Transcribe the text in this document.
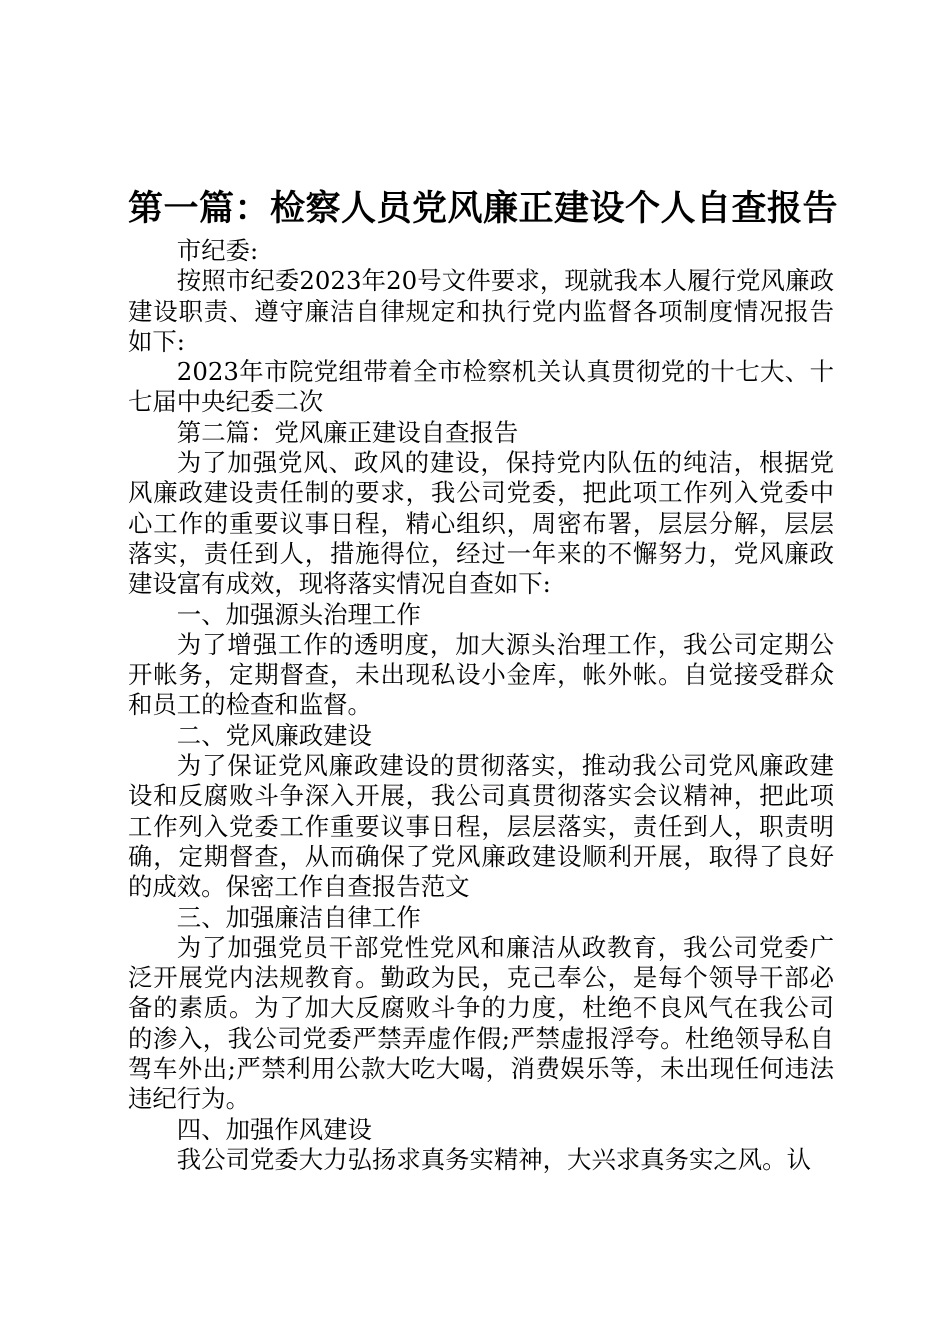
第一篇：检察人员党风廉正建设个人自查报告

市纪委:

按照市纪委2023年20号文件要求，现就我本人履行党风廉政建设职责、遵守廉洁自律规定和执行党内监督各项制度情况报告如下:

2023年市院党组带着全市检察机关认真贯彻党的十七大、十七届中央纪委二次

第二篇：党风廉正建设自查报告

为了加强党风、政风的建设，保持党内队伍的纯洁，根据党风廉政建设责任制的要求，我公司党委，把此项工作列入党委中心工作的重要议事日程，精心组织，周密布署，层层分解，层层落实，责任到人，措施得位，经过一年来的不懈努力，党风廉政建设富有成效，现将落实情况自查如下:

一、加强源头治理工作

为了增强工作的透明度，加大源头治理工作，我公司定期公开帐务，定期督查，未出现私设小金库，帐外帐。自觉接受群众和员工的检查和监督。

二、党风廉政建设

为了保证党风廉政建设的贯彻落实，推动我公司党风廉政建设和反腐败斗争深入开展，我公司真贯彻落实会议精神，把此项工作列入党委工作重要议事日程，层层落实，责任到人，职责明确，定期督查，从而确保了党风廉政建设顺利开展，取得了良好的成效。保密工作自查报告范文

三、加强廉洁自律工作

为了加强党员干部党性党风和廉洁从政教育，我公司党委广泛开展党内法规教育。勤政为民，克己奉公，是每个领导干部必备的素质。为了加大反腐败斗争的力度，杜绝不良风气在我公司的渗入，我公司党委严禁弄虚作假;严禁虚报浮夸。杜绝领导私自驾车外出;严禁利用公款大吃大喝，消费娱乐等，未出现任何违法违纪行为。

四、加强作风建设

我公司党委大力弘扬求真务实精神，大兴求真务实之风。认
